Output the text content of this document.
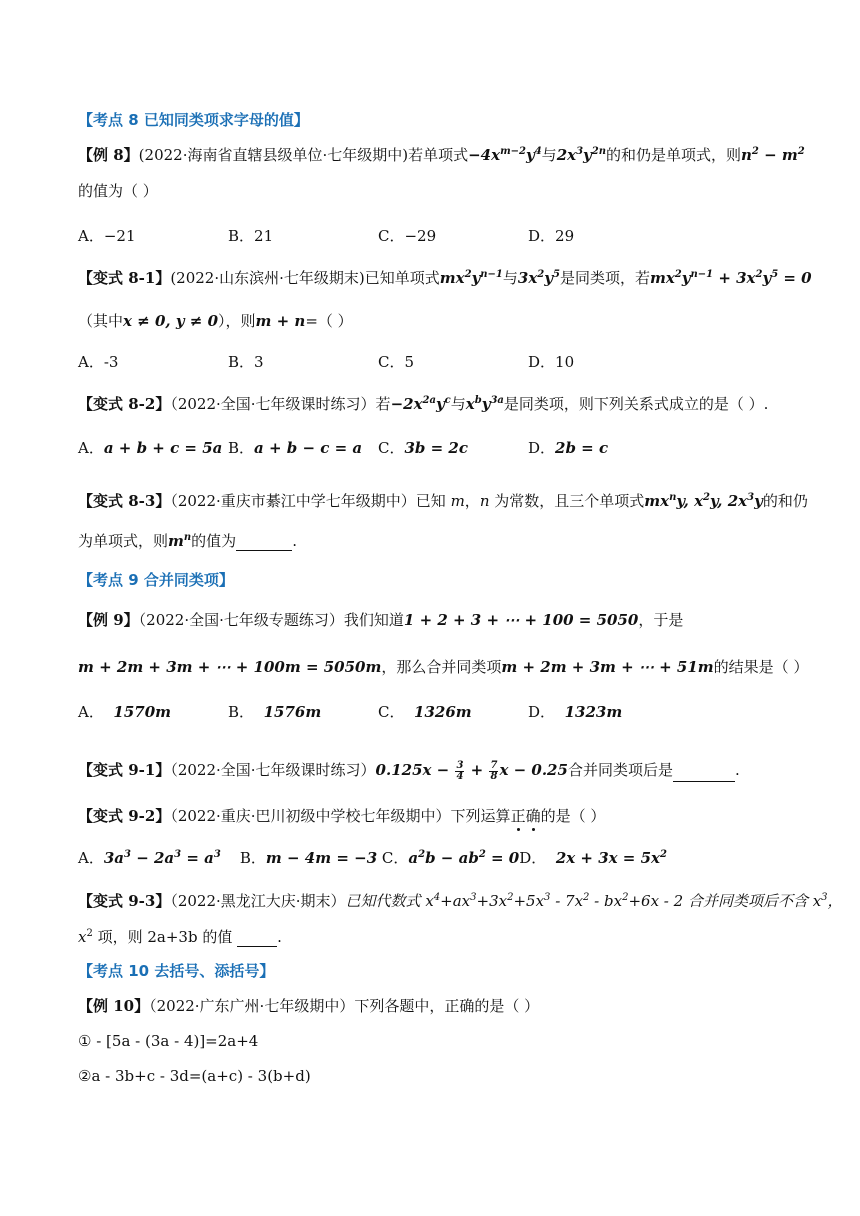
【考点 8 已知同类项求字母的值】
【例 8】(2022·海南省直辖县级单位·七年级期中)若单项式$-4x^{m-2}y^4$与$2x^3y^{2n}$的和仍是单项式，则$n^2 - m^2$
的值为（ ）
A．−21	B．21	C．−29	D．29
【变式 8-1】(2022·山东滨州·七年级期末)已知单项式$mx^2y^{n-1}$与$3x^2y^5$是同类项，若$mx^2y^{n-1} + 3x^2y^5 = 0$
（其中x ≠ 0, y ≠ 0），则m + n=（ ）
A．-3	B．3	C．5	D．10
【变式 8-2】（2022·全国·七年级课时练习）若$-2x^{2a}y^c$与$x^by^{3a}$是同类项，则下列关系式成立的是（ ）.
A．a + b + c = 5a B．a + b − c = a C．3b = 2c	D．2b = c
【变式 8-3】（2022·重庆市綦江中学七年级期中）已知 m，n 为常数，且三个单项式$mx^ny$, $x^2y$, $2x^3y$的和仍
为单项式，则$m^n$的值为	.
【考点 9 合并同类项】
【例 9】（2022·全国·七年级专题练习）我们知道1 + 2 + 3 + ⋯ + 100 = 5050，于是
m + 2m + 3m + ⋯ + 100m = 5050m，那么合并同类项m + 2m + 3m + ⋯ + 51m的结果是（ ）
A． 1570m	B． 1576m	C． 1326m	D． 1323m
【变式 9-1】（2022·全国·七年级课时练习）$0.125x - \frac{3}{4} + \frac{7}{8}$ x − 0.25合并同类项后是	.
【变式 9-2】（2022·重庆·巴川初级中学校七年级期中）下列运算正
确
的是（ ）
A．$3a^3 - 2a^3 = a^3$ B．m − 4m = −3 C．$a^2b - ab^2 = 0D$． $2x + 3x = 5x^2$
【变式 9-3】（2022·黑龙江大庆·期末）已知代数式 $x^4+ax^3+3x^2+5x^3$ ‑ $7x^2$ ‑ $bx^2+6x$ ‑ 2 合并同类项后不含 $x^3$，
$x^2$ 项，则 2a+3b 的值	.
【考点 10 去括号、添括号】
【例 10】（2022·广东广州·七年级期中）下列各题中，正确的是（ ）
① ‑ [5a ‑ (3a ‑ 4)]=2a+4
②a ‑ 3b+c ‑ 3d=(a+c) ‑ 3(b+d)
